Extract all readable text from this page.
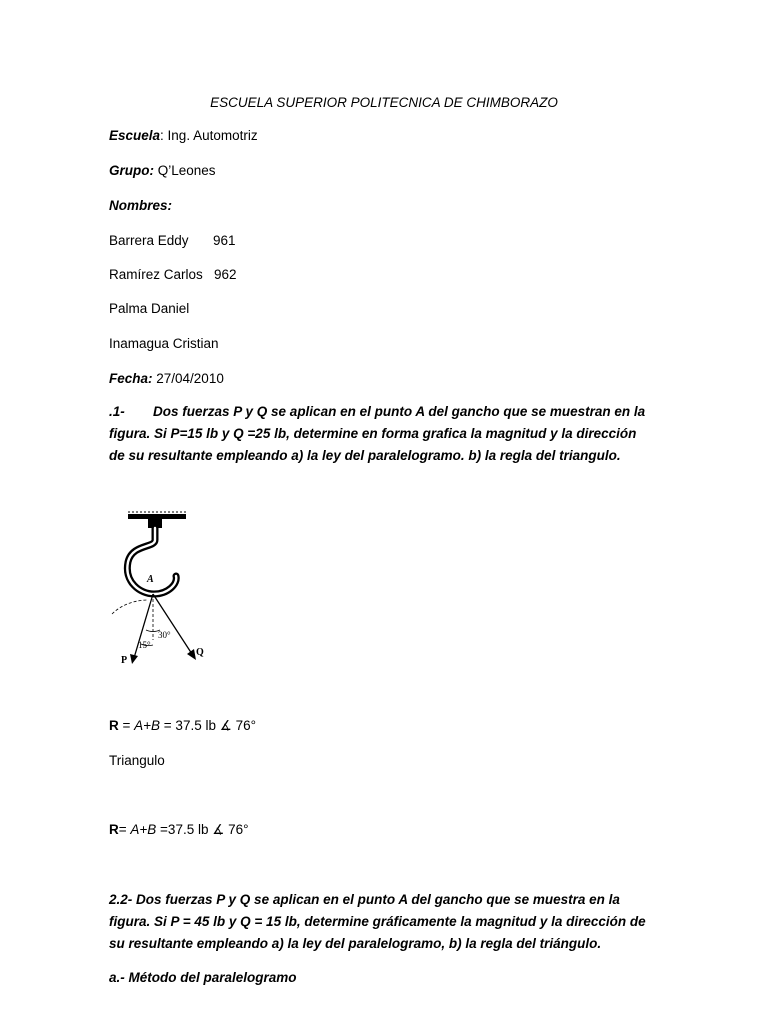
ESCUELA SUPERIOR POLITECNICA DE CHIMBORAZO
Escuela: Ing. Automotriz
Grupo: Q’Leones
Nombres:
Barrera Eddy 961
Ramírez Carlos 962
Palma Daniel
Inamagua Cristian
Fecha: 27/04/2010
.1- Dos fuerzas P y Q se aplican en el punto A del gancho que se muestran en la
figura. Si P=15 lb y Q =25 lb, determine en forma grafica la magnitud y la dirección
de su resultante empleando a) la ley del paralelogramo. b) la regla del triangulo.
A
30°
15°
P
Q
R = A+B = 37.5 lb ∡ 76°
Triangulo
R= A+B =37.5 lb ∡ 76°
2.2- Dos fuerzas P y Q se aplican en el punto A del gancho que se muestra en la
figura. Si P = 45 lb y Q = 15 lb, determine gráficamente la magnitud y la dirección de
su resultante empleando a) la ley del paralelogramo, b) la regla del triángulo.
a.- Método del paralelogramo
